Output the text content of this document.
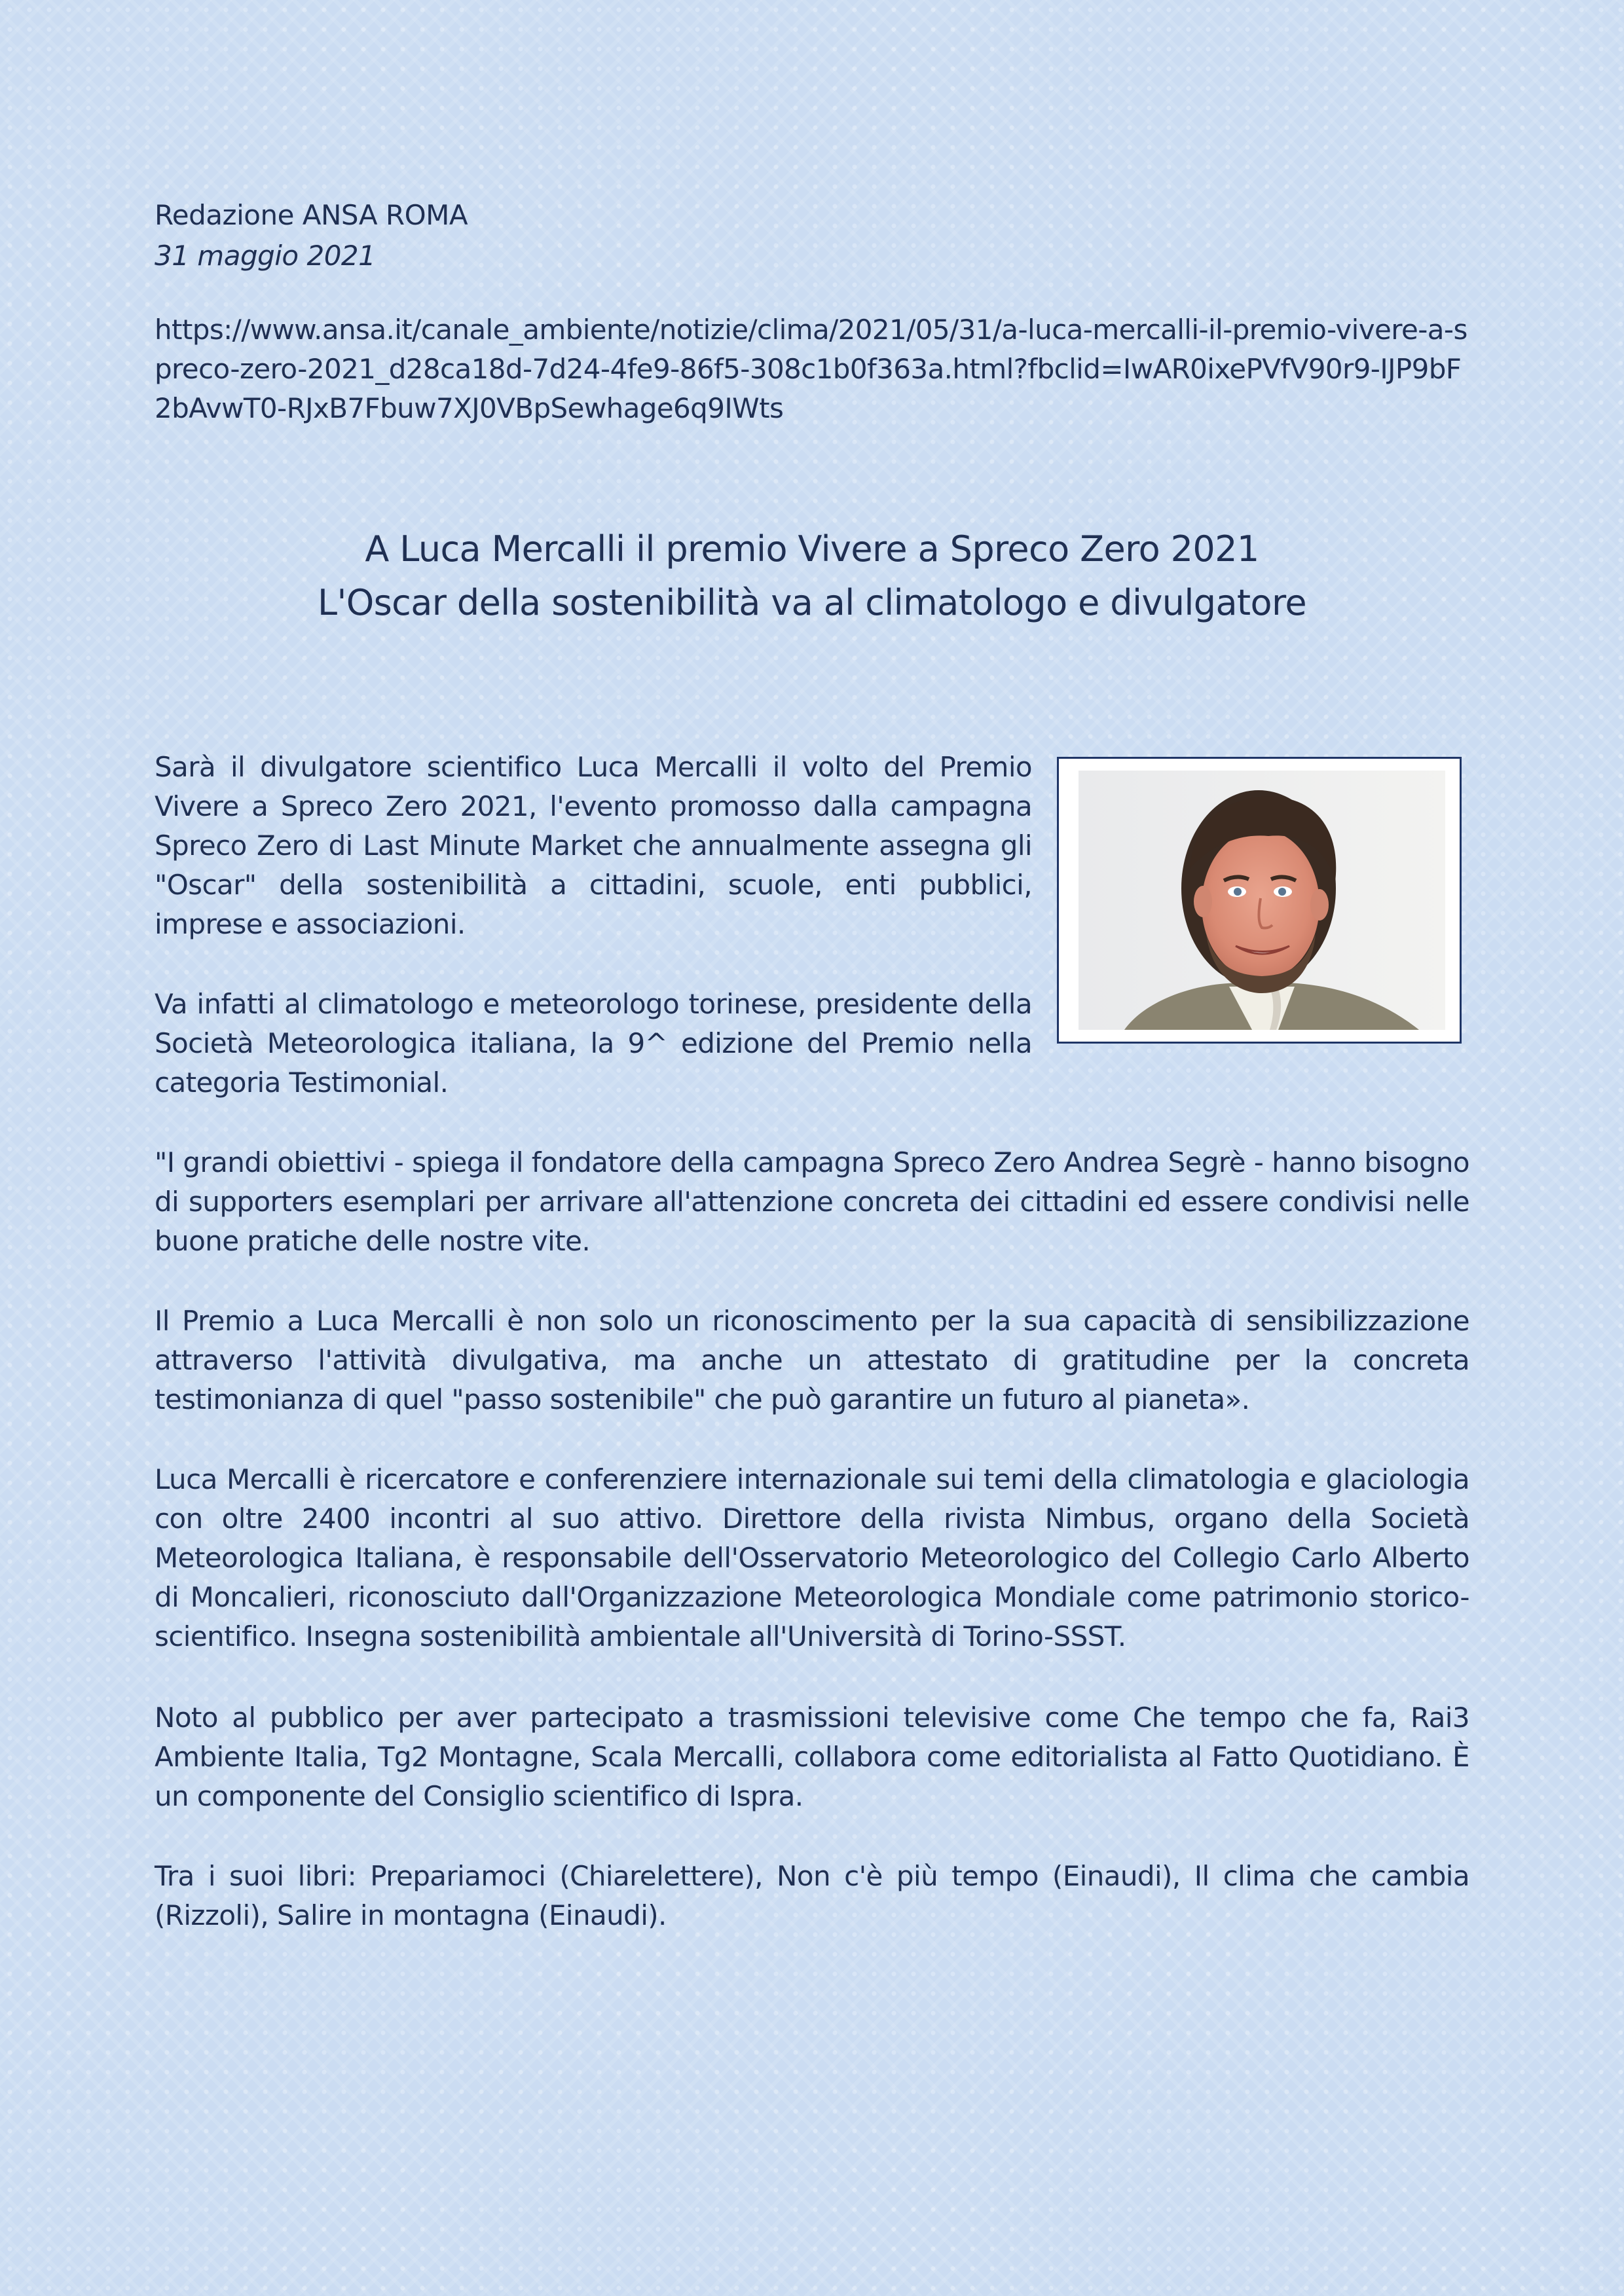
Redazione ANSA ROMA
31 maggio 2021
https://www.ansa.it/canale_ambiente/notizie/clima/2021/05/31/a-luca-mercalli-il-premio-vivere-a-spreco-zero-2021_d28ca18d-7d24-4fe9-86f5-308c1b0f363a.html?fbclid=IwAR0ixePVfV90r9-IJP9bF2bAvwT0-RJxB7Fbuw7XJ0VBpSewhage6q9IWts
A Luca Mercalli il premio Vivere a Spreco Zero 2021
L'Oscar della sostenibilità va al climatologo e divulgatore

Sarà il divulgatore scientifico Luca Mercalli il volto del Premio Vivere a Spreco Zero 2021, l'evento promosso dalla campagna Spreco Zero di Last Minute Market che annualmente assegna gli "Oscar" della sostenibilità a cittadini, scuole, enti pubblici, imprese e associazioni.

Va infatti al climatologo e meteorologo torinese, presidente della Società Meteorologica italiana, la 9^ edizione del Premio nella categoria Testimonial.

"I grandi obiettivi - spiega il fondatore della campagna Spreco Zero Andrea Segrè - hanno bisogno di supporters esemplari per arrivare all'attenzione concreta dei cittadini ed essere condivisi nelle buone pratiche delle nostre vite.

Il Premio a Luca Mercalli è non solo un riconoscimento per la sua capacità di sensibilizzazione attraverso l'attività divulgativa, ma anche un attestato di gratitudine per la concreta testimonianza di quel "passo sostenibile" che può garantire un futuro al pianeta».

Luca Mercalli è ricercatore e conferenziere internazionale sui temi della climatologia e glaciologia con oltre 2400 incontri al suo attivo. Direttore della rivista Nimbus, organo della Società Meteorologica Italiana, è responsabile dell'Osservatorio Meteorologico del Collegio Carlo Alberto di Moncalieri, riconosciuto dall'Organizzazione Meteorologica Mondiale come patrimonio storico-scientifico. Insegna sostenibilità ambientale all'Università di Torino-SSST.

Noto al pubblico per aver partecipato a trasmissioni televisive come Che tempo che fa, Rai3 Ambiente Italia, Tg2 Montagne, Scala Mercalli, collabora come editorialista al Fatto Quotidiano. È un componente del Consiglio scientifico di Ispra.

Tra i suoi libri: Prepariamoci (Chiarelettere), Non c'è più tempo (Einaudi), Il clima che cambia (Rizzoli), Salire in montagna (Einaudi).
